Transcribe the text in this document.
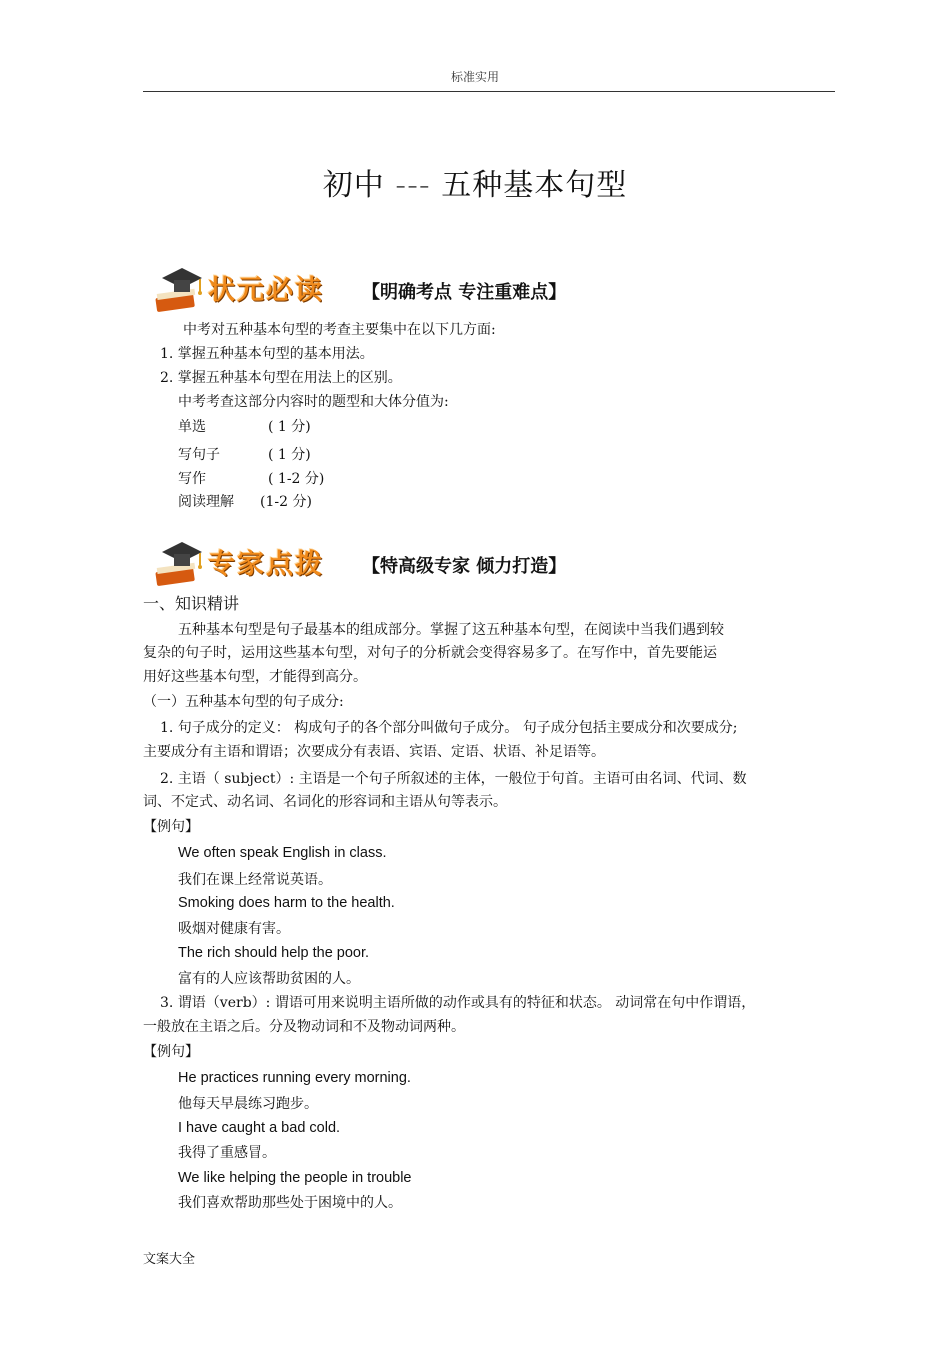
标准实用
初中 --- 五种基本句型
状元必读 【明确考点 专注重难点】
中考对五种基本句型的考查主要集中在以下几方面:
1. 掌握五种基本句型的基本用法。
2. 掌握五种基本句型在用法上的区别。
中考考查这部分内容时的题型和大体分值为:
单选	( 1 分)
写句子	( 1 分)
写作	( 1-2 分)
阅读理解 (1-2 分)
专家点拨 【特高级专家 倾力打造】
一、知识精讲
五种基本句型是句子最基本的组成部分。掌握了这五种基本句型，在阅读中当我们遇到较
复杂的句子时，运用这些基本句型，对句子的分析就会变得容易多了。在写作中，首先要能运
用好这些基本句型，才能得到高分。
（一）五种基本句型的句子成分:
1. 句子成分的定义： 构成句子的各个部分叫做句子成分。 句子成分包括主要成分和次要成分;
主要成分有主语和谓语；次要成分有表语、宾语、定语、状语、补足语等。
2. 主语（ subject）: 主语是一个句子所叙述的主体，一般位于句首。主语可由名词、代词、数
词、不定式、动名词、名词化的形容词和主语从句等表示。
【例句】
We often speak English in class.
我们在课上经常说英语。
Smoking does harm to the health.
吸烟对健康有害。
The rich should help the poor.
富有的人应该帮助贫困的人。
3. 谓语（verb）: 谓语可用来说明主语所做的动作或具有的特征和状态。 动词常在句中作谓语，
一般放在主语之后。分及物动词和不及物动词两种。
【例句】
He practices running every morning.
他每天早晨练习跑步。
I have caught a bad cold.
我得了重感冒。
We like helping the people in trouble
我们喜欢帮助那些处于困境中的人。
文案大全
